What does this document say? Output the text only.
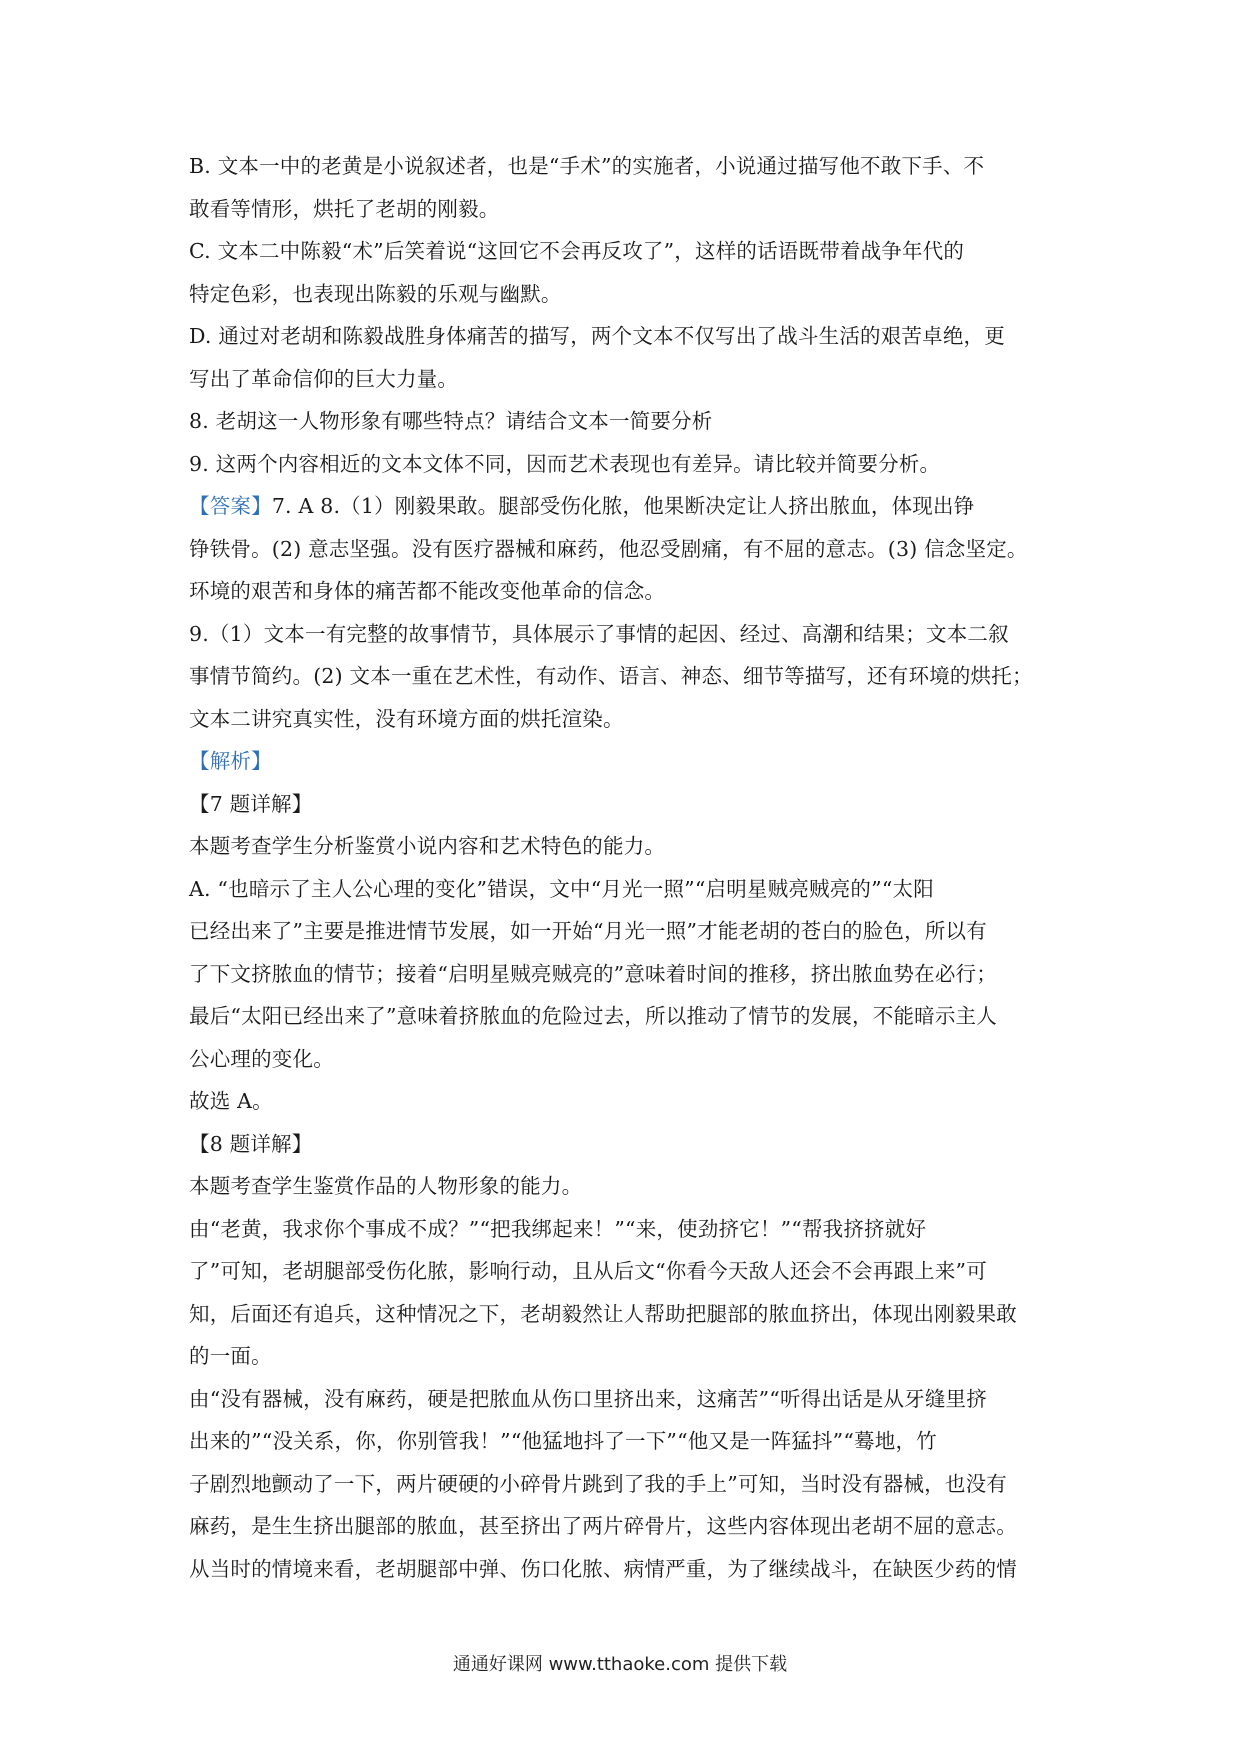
B. 文本一中的老黄是小说叙述者，也是“手术”的实施者，小说通过描写他不敢下手、不
敢看等情形，烘托了老胡的刚毅。
C. 文本二中陈毅“术”后笑着说“这回它不会再反攻了”，这样的话语既带着战争年代的
特定色彩，也表现出陈毅的乐观与幽默。
D. 通过对老胡和陈毅战胜身体痛苦的描写，两个文本不仅写出了战斗生活的艰苦卓绝，更
写出了革命信仰的巨大力量。
8. 老胡这一人物形象有哪些特点？请结合文本一简要分析
9. 这两个内容相近的文本文体不同，因而艺术表现也有差异。请比较并简要分析。
【答案】7. A 8.（1）刚毅果敢。腿部受伤化脓，他果断决定让人挤出脓血，体现出铮
铮铁骨。(2) 意志坚强。没有医疗器械和麻药，他忍受剧痛，有不屈的意志。(3) 信念坚定。
环境的艰苦和身体的痛苦都不能改变他革命的信念。
9.（1）文本一有完整的故事情节，具体展示了事情的起因、经过、高潮和结果；文本二叙
事情节简约。(2) 文本一重在艺术性，有动作、语言、神态、细节等描写，还有环境的烘托；
文本二讲究真实性，没有环境方面的烘托渲染。
【解析】
【7 题详解】
本题考查学生分析鉴赏小说内容和艺术特色的能力。
A. “也暗示了主人公心理的变化”错误，文中“月光一照”“启明星贼亮贼亮的”“太阳
已经出来了”主要是推进情节发展，如一开始“月光一照”才能老胡的苍白的脸色，所以有
了下文挤脓血的情节；接着“启明星贼亮贼亮的”意味着时间的推移，挤出脓血势在必行；
最后“太阳已经出来了”意味着挤脓血的危险过去，所以推动了情节的发展，不能暗示主人
公心理的变化。
故选 A。
【8 题详解】
本题考查学生鉴赏作品的人物形象的能力。
由“老黄，我求你个事成不成？”“把我绑起来！”“来，使劲挤它！”“帮我挤挤就好
了”可知，老胡腿部受伤化脓，影响行动，且从后文“你看今天敌人还会不会再跟上来”可
知，后面还有追兵，这种情况之下，老胡毅然让人帮助把腿部的脓血挤出，体现出刚毅果敢
的一面。
由“没有器械，没有麻药，硬是把脓血从伤口里挤出来，这痛苦”“听得出话是从牙缝里挤
出来的”“没关系，你，你别管我！”“他猛地抖了一下”“他又是一阵猛抖”“蓦地，竹
子剧烈地颤动了一下，两片硬硬的小碎骨片跳到了我的手上”可知，当时没有器械，也没有
麻药，是生生挤出腿部的脓血，甚至挤出了两片碎骨片，这些内容体现出老胡不屈的意志。
从当时的情境来看，老胡腿部中弹、伤口化脓、病情严重，为了继续战斗，在缺医少药的情
通通好课网 www.tthaoke.com 提供下载
